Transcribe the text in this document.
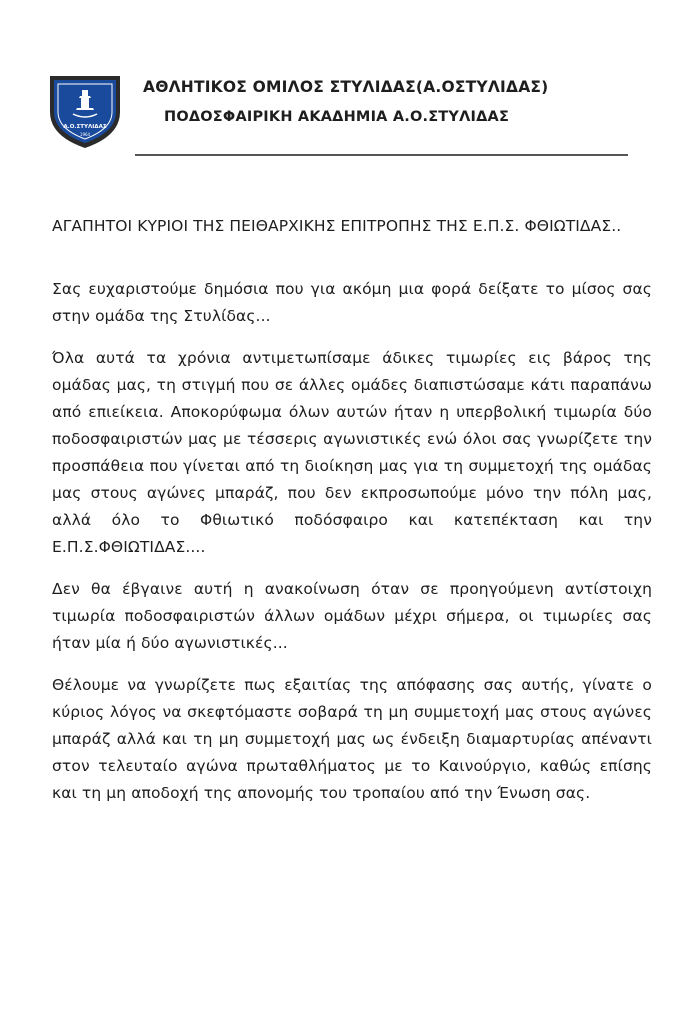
Α.Ο.ΣΤΥΛΙΔΑΣ
1964
ΑΘΛΗΤΙΚΟΣ ΟΜΙΛΟΣ ΣΤΥΛΙΔΑΣ(Α.ΟΣΤΥΛΙΔΑΣ)
ΠΟΔΟΣΦΑΙΡΙΚΗ ΑΚΑΔΗΜΙΑ Α.Ο.ΣΤΥΛΙΔΑΣ

ΑΓΑΠΗΤΟΙ ΚΥΡΙΟΙ ΤΗΣ ΠΕΙΘΑΡΧΙΚΗΣ ΕΠΙΤΡΟΠΗΣ ΤΗΣ Ε.Π.Σ. ΦΘΙΩΤΙΔΑΣ..

Σας ευχαριστούμε δημόσια που για ακόμη μια φορά δείξατε το μίσος σας στην ομάδα της Στυλίδας...

Όλα αυτά τα χρόνια αντιμετωπίσαμε άδικες τιμωρίες εις βάρος της ομάδας μας, τη στιγμή που σε άλλες ομάδες διαπιστώσαμε κάτι παραπάνω από επιείκεια. Αποκορύφωμα όλων αυτών ήταν η υπερβολική τιμωρία δύο ποδοσφαιριστών μας με τέσσερις αγωνιστικές ενώ όλοι σας γνωρίζετε την προσπάθεια που γίνεται από τη διοίκηση μας για τη συμμετοχή της ομάδας μας στους αγώνες μπαράζ, που δεν εκπροσωπούμε μόνο την πόλη μας, αλλά όλο το Φθιωτικό ποδόσφαιρο και κατεπέκταση και την Ε.Π.Σ.ΦΘΙΩΤΙΔΑΣ....

Δεν θα έβγαινε αυτή η ανακοίνωση όταν σε προηγούμενη αντίστοιχη τιμωρία ποδοσφαιριστών άλλων ομάδων μέχρι σήμερα, οι τιμωρίες σας ήταν μία ή δύο αγωνιστικές...

Θέλουμε να γνωρίζετε πως εξαιτίας της απόφασης σας αυτής, γίνατε ο κύριος λόγος να σκεφτόμαστε σοβαρά τη μη συμμετοχή μας στους αγώνες μπαράζ αλλά και τη μη συμμετοχή μας ως ένδειξη διαμαρτυρίας απέναντι στον τελευταίο αγώνα πρωταθλήματος με το Καινούργιο, καθώς επίσης και τη μη αποδοχή της απονομής του τροπαίου από την Ένωση σας.
